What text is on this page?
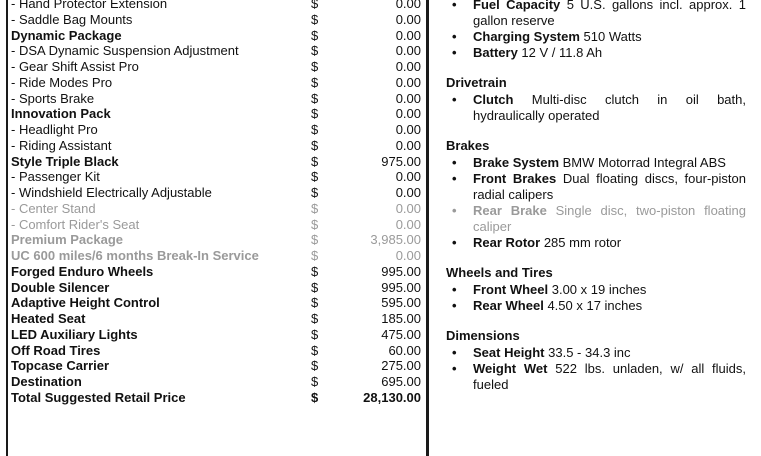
- Hand Protector Extension	$	0.00
- Saddle Bag Mounts	$	0.00
Dynamic Package	$	0.00
- DSA Dynamic Suspension Adjustment	$	0.00
- Gear Shift Assist Pro	$	0.00
- Ride Modes Pro	$	0.00
- Sports Brake	$	0.00
Innovation Pack	$	0.00
- Headlight Pro	$	0.00
- Riding Assistant	$	0.00
Style Triple Black	$	975.00
- Passenger Kit	$	0.00
- Windshield Electrically Adjustable	$	0.00
- Center Stand	$	0.00
- Comfort Rider's Seat	$	0.00
Premium Package	$	3,985.00
UC 600 miles/6 months Break-In Service	$	0.00
Forged Enduro Wheels	$	995.00
Double Silencer	$	995.00
Adaptive Height Control	$	595.00
Heated Seat	$	185.00
LED Auxiliary Lights	$	475.00
Off Road Tires	$	60.00
Topcase Carrier	$	275.00
Destination	$	695.00
Total Suggested Retail Price	$	28,130.00
• Fuel Capacity 5 U.S. gallons incl. approx. 1 gallon reserve
• Charging System 510 Watts
• Battery 12 V / 11.8 Ah
Drivetrain
• Clutch Multi-disc clutch in oil bath, hydraulically operated
Brakes
• Brake System BMW Motorrad Integral ABS
• Front Brakes Dual floating discs, four-piston radial calipers
• Rear Brake Single disc, two-piston floating caliper
• Rear Rotor 285 mm rotor
Wheels and Tires
• Front Wheel 3.00 x 19 inches
• Rear Wheel 4.50 x 17 inches
Dimensions
• Seat Height 33.5 - 34.3 inc
• Weight Wet 522 lbs. unladen, w/ all fluids, fueled
